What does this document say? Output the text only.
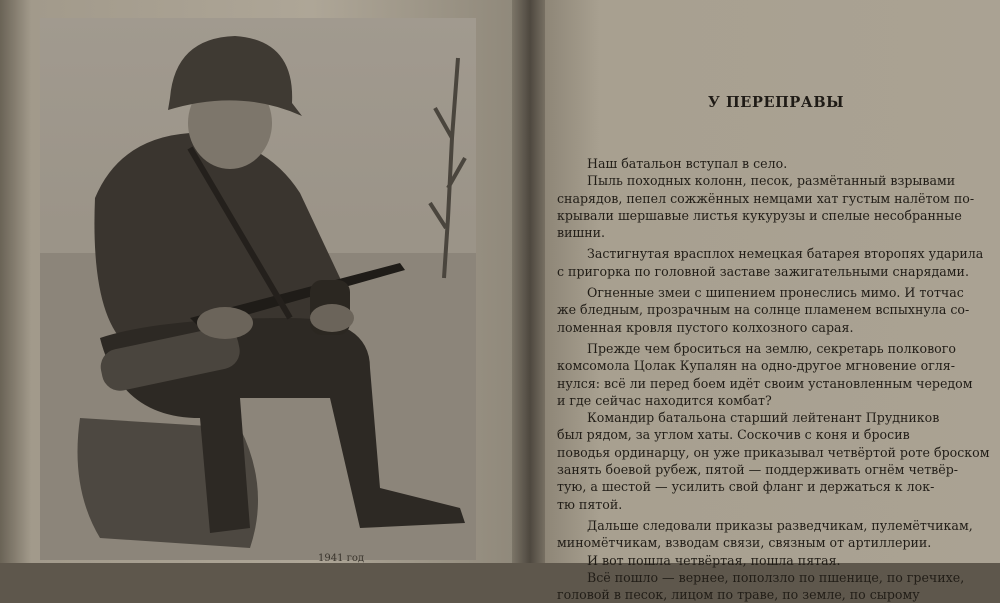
1941 год
У ПЕРЕПРАВЫ
Наш батальон вступал в село.
Пыль походных колонн, песок, размётанный взрывами
снарядов, пепел сожжённых немцами хат густым налётом по-
крывали шершавые листья кукурузы и спелые несобранные
вишни.
Застигнутая врасплох немецкая батарея второпях ударила
с пригорка по головной заставе зажигательными снарядами.
Огненные змеи с шипением пронеслись мимо. И тотчас
же бледным, прозрачным на солнце пламенем вспыхнула со-
ломенная кровля пустого колхозного сарая.
Прежде чем броситься на землю, секретарь полкового
комсомола Цолак Купалян на одно-другое мгновение огля-
нулся: всё ли перед боем идёт своим установленным чередом
и где сейчас находится комбат?
Командир батальона старший лейтенант Прудников
был рядом, за углом хаты. Соскочив с коня и бросив
поводья ординарцу, он уже приказывал четвёртой роте броском
занять боевой рубеж, пятой — поддерживать огнём четвёр-
тую, а шестой — усилить свой фланг и держаться к лок-
тю пятой.
Дальше следовали приказы разведчикам, пулемётчикам,
миномётчикам, взводам связи, связным от артиллерии.
И вот пошла четвёртая, пошла пятая.
Всё пошло — вернее, поползло по пшенице, по гречихе,
головой в песок, лицом по траве, по земле, по сырому
